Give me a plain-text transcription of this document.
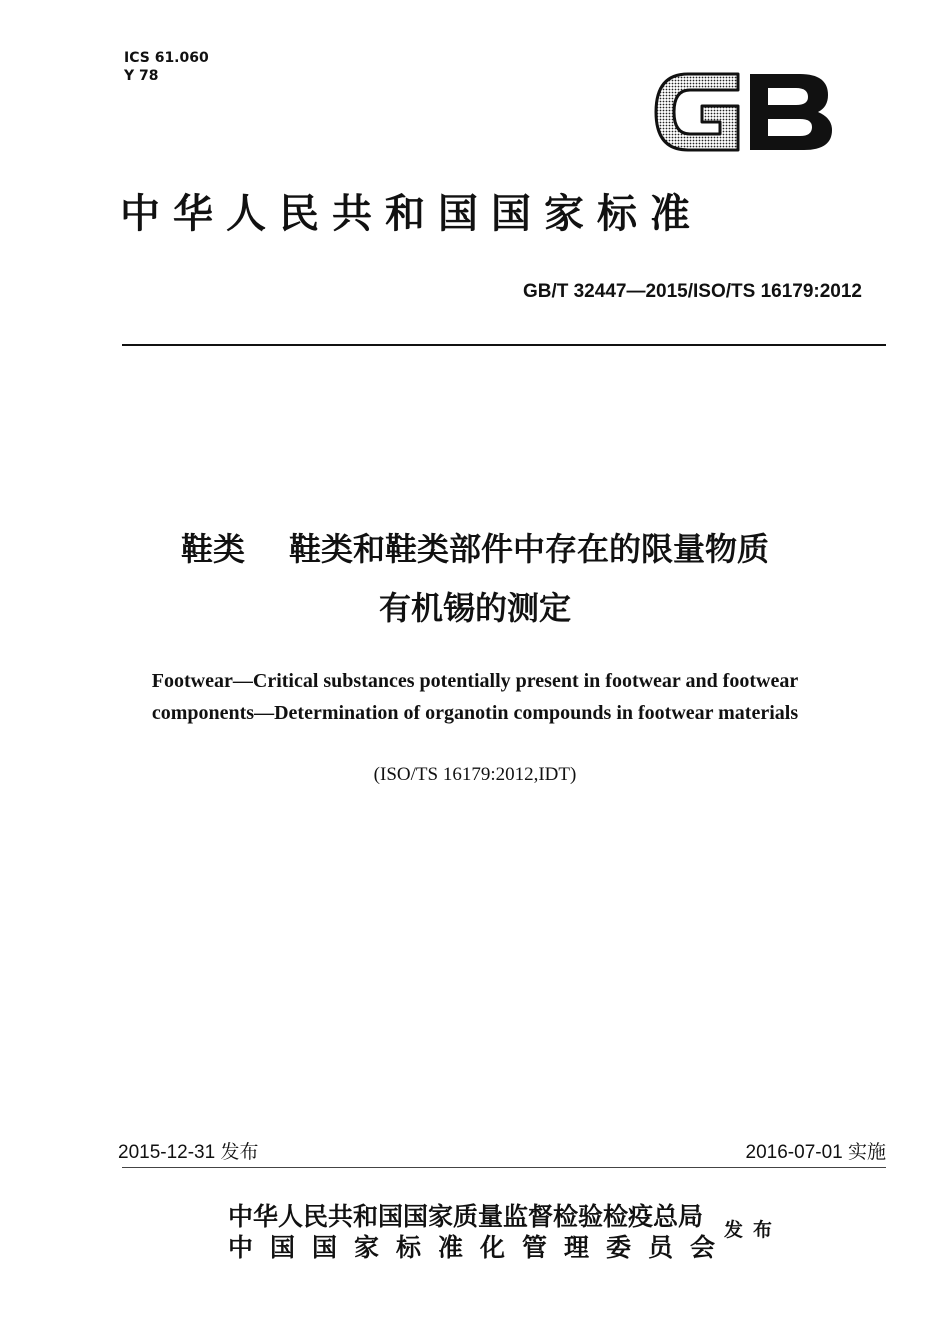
ICS 61.060
Y 78
中华人民共和国国家标准
GB/T 32447—2015/ISO/TS 16179:2012
鞋类 鞋类和鞋类部件中存在的限量物质
有机锡的测定
Footwear—Critical substances potentially present in footwear and footwear
components—Determination of organotin compounds in footwear materials
(ISO/TS 16179:2012,IDT)
2015-12-31 发布	2016-07-01 实施
中华人民共和国国家质量监督检验检疫总局
中国国家标准化管理委员会
发布
